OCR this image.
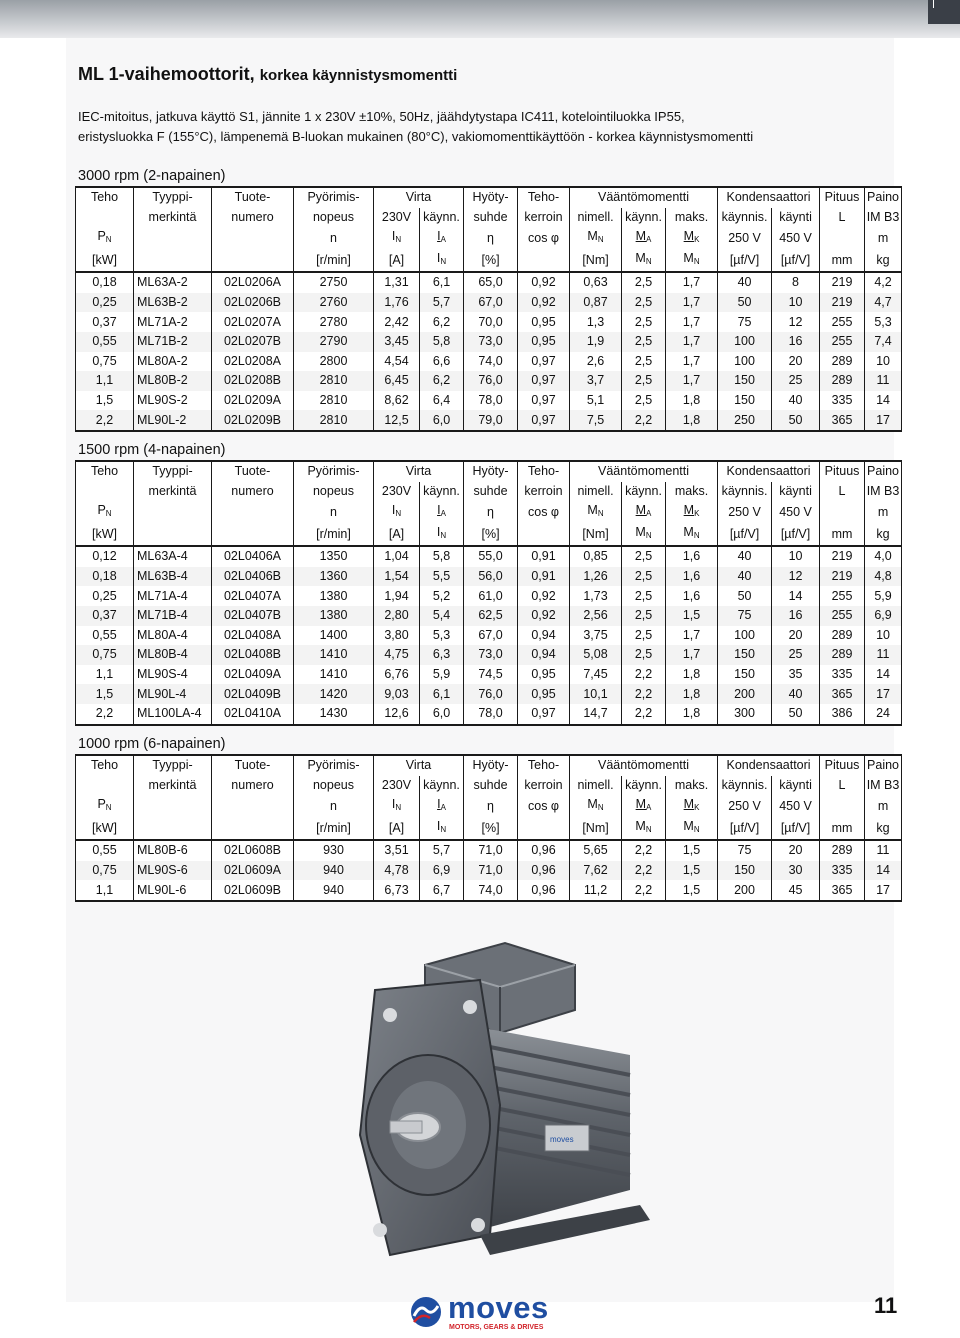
ML 1-vaihemoottorit, korkea käynnistysmomentti

IEC-mitoitus, jatkuva käyttö S1, jännite 1 x 230V ±10%, 50Hz, jäähdytystapa IC411, kotelointiluokka IP55,

eristysluokka F (155°C), lämpenemä B-luokan mukainen (80°C), vakiomomenttikäyttöön - korkea käynnistysmomentti

3000 rpm (2-napainen)
Teho	Tyyppi-	Tuote-	Pyörimis-	Virta		Hyöty-	Teho-	Vääntömomentti			Kondensaattori		Pituus	Paino
	merkintä	numero	nopeus	230V	käynn.	suhde	kerroin	nimell.	käynn.	maks.	käynnis.	käynti	L	IM B3
$P_N$			n	$I_N$	$I_A$	η	cos φ	$M_N$	$M_A$	$M_K$	250 V	450 V		m
[kW]			[r/min]	[A]	$I_N$	[%]		[Nm]	$M_N$	$M_N$	[µf/V]	[µf/V]	mm	kg
0,18	ML63A-2	02L0206A	2750	1,31	6,1	65,0	0,92	0,63	2,5	1,7	40	8	219	4,2
0,25	ML63B-2	02L0206B	2760	1,76	5,7	67,0	0,92	0,87	2,5	1,7	50	10	219	4,7
0,37	ML71A-2	02L0207A	2780	2,42	6,2	70,0	0,95	1,3	2,5	1,7	75	12	255	5,3
0,55	ML71B-2	02L0207B	2790	3,45	5,8	73,0	0,95	1,9	2,5	1,7	100	16	255	7,4
0,75	ML80A-2	02L0208A	2800	4,54	6,6	74,0	0,97	2,6	2,5	1,7	100	20	289	10
1,1	ML80B-2	02L0208B	2810	6,45	6,2	76,0	0,97	3,7	2,5	1,7	150	25	289	11
1,5	ML90S-2	02L0209A	2810	8,62	6,4	78,0	0,97	5,1	2,5	1,8	150	40	335	14
2,2	ML90L-2	02L0209B	2810	12,5	6,0	79,0	0,97	7,5	2,2	1,8	250	50	365	17
1500 rpm (4-napainen)
Teho	Tyyppi-	Tuote-	Pyörimis-	Virta		Hyöty-	Teho-	Vääntömomentti			Kondensaattori		Pituus	Paino
	merkintä	numero	nopeus	230V	käynn.	suhde	kerroin	nimell.	käynn.	maks.	käynnis.	käynti	L	IM B3
$P_N$			n	$I_N$	$I_A$	η	cos φ	$M_N$	$M_A$	$M_K$	250 V	450 V		m
[kW]			[r/min]	[A]	$I_N$	[%]		[Nm]	$M_N$	$M_N$	[µf/V]	[µf/V]	mm	kg
0,12	ML63A-4	02L0406A	1350	1,04	5,8	55,0	0,91	0,85	2,5	1,6	40	10	219	4,0
0,18	ML63B-4	02L0406B	1360	1,54	5,5	56,0	0,91	1,26	2,5	1,6	40	12	219	4,8
0,25	ML71A-4	02L0407A	1380	1,94	5,2	61,0	0,92	1,73	2,5	1,6	50	14	255	5,9
0,37	ML71B-4	02L0407B	1380	2,80	5,4	62,5	0,92	2,56	2,5	1,5	75	16	255	6,9
0,55	ML80A-4	02L0408A	1400	3,80	5,3	67,0	0,94	3,75	2,5	1,7	100	20	289	10
0,75	ML80B-4	02L0408B	1410	4,75	6,3	73,0	0,94	5,08	2,5	1,7	150	25	289	11
1,1	ML90S-4	02L0409A	1410	6,76	5,9	74,5	0,95	7,45	2,2	1,8	150	35	335	14
1,5	ML90L-4	02L0409B	1420	9,03	6,1	76,0	0,95	10,1	2,2	1,8	200	40	365	17
2,2	ML100LA-4	02L0410A	1430	12,6	6,0	78,0	0,97	14,7	2,2	1,8	300	50	386	24
1000 rpm (6-napainen)
Teho	Tyyppi-	Tuote-	Pyörimis-	Virta		Hyöty-	Teho-	Vääntömomentti			Kondensaattori		Pituus	Paino
	merkintä	numero	nopeus	230V	käynn.	suhde	kerroin	nimell.	käynn.	maks.	käynnis.	käynti	L	IM B3
$P_N$			n	$I_N$	$I_A$	η	cos φ	$M_N$	$M_A$	$M_K$	250 V	450 V		m
[kW]			[r/min]	[A]	$I_N$	[%]		[Nm]	$M_N$	$M_N$	[µf/V]	[µf/V]	mm	kg
0,55	ML80B-6	02L0608B	930	3,51	5,7	71,0	0,96	5,65	2,2	1,5	75	20	289	11
0,75	ML90S-6	02L0609A	940	4,78	6,9	71,0	0,96	7,62	2,2	1,5	150	30	335	14
1,1	ML90L-6	02L0609B	940	6,73	6,7	74,0	0,96	11,2	2,2	1,5	200	45	365	17
moves
moves
MOTORS, GEARS & DRIVES
11
